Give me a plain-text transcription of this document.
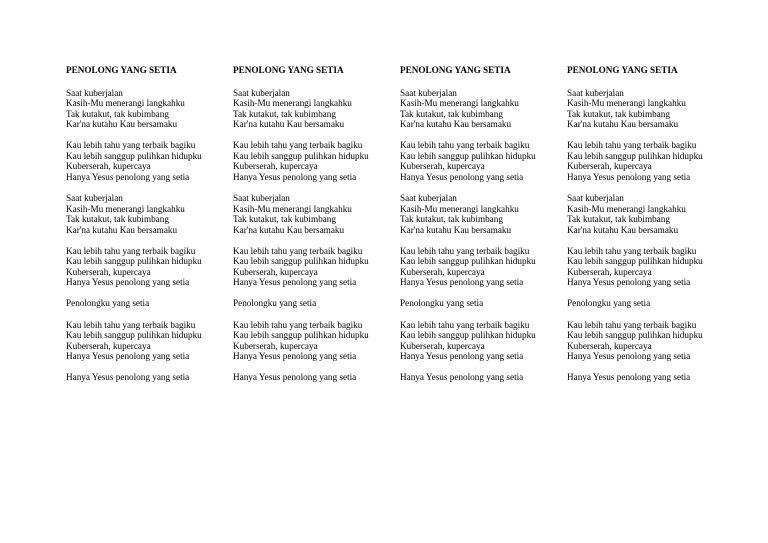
PENOLONG YANG SETIA
Saat kuberjalan
Kasih-Mu menerangi langkahku
Tak kutakut, tak kubimbang
Kar'na kutahu Kau bersamaku
Kau lebih tahu yang terbaik bagiku
Kau lebih sanggup pulihkan hidupku
Kuberserah, kupercaya
Hanya Yesus penolong yang setia
Saat kuberjalan
Kasih-Mu menerangi langkahku
Tak kutakut, tak kubimbang
Kar'na kutahu Kau bersamaku
Kau lebih tahu yang terbaik bagiku
Kau lebih sanggup pulihkan hidupku
Kuberserah, kupercaya
Hanya Yesus penolong yang setia
Penolongku yang setia
Kau lebih tahu yang terbaik bagiku
Kau lebih sanggup pulihkan hidupku
Kuberserah, kupercaya
Hanya Yesus penolong yang setia
Hanya Yesus penolong yang setia
PENOLONG YANG SETIA
Saat kuberjalan
Kasih-Mu menerangi langkahku
Tak kutakut, tak kubimbang
Kar'na kutahu Kau bersamaku
Kau lebih tahu yang terbaik bagiku
Kau lebih sanggup pulihkan hidupku
Kuberserah, kupercaya
Hanya Yesus penolong yang setia
Saat kuberjalan
Kasih-Mu menerangi langkahku
Tak kutakut, tak kubimbang
Kar'na kutahu Kau bersamaku
Kau lebih tahu yang terbaik bagiku
Kau lebih sanggup pulihkan hidupku
Kuberserah, kupercaya
Hanya Yesus penolong yang setia
Penolongku yang setia
Kau lebih tahu yang terbaik bagiku
Kau lebih sanggup pulihkan hidupku
Kuberserah, kupercaya
Hanya Yesus penolong yang setia
Hanya Yesus penolong yang setia
PENOLONG YANG SETIA
Saat kuberjalan
Kasih-Mu menerangi langkahku
Tak kutakut, tak kubimbang
Kar'na kutahu Kau bersamaku
Kau lebih tahu yang terbaik bagiku
Kau lebih sanggup pulihkan hidupku
Kuberserah, kupercaya
Hanya Yesus penolong yang setia
Saat kuberjalan
Kasih-Mu menerangi langkahku
Tak kutakut, tak kubimbang
Kar'na kutahu Kau bersamaku
Kau lebih tahu yang terbaik bagiku
Kau lebih sanggup pulihkan hidupku
Kuberserah, kupercaya
Hanya Yesus penolong yang setia
Penolongku yang setia
Kau lebih tahu yang terbaik bagiku
Kau lebih sanggup pulihkan hidupku
Kuberserah, kupercaya
Hanya Yesus penolong yang setia
Hanya Yesus penolong yang setia
PENOLONG YANG SETIA
Saat kuberjalan
Kasih-Mu menerangi langkahku
Tak kutakut, tak kubimbang
Kar'na kutahu Kau bersamaku
Kau lebih tahu yang terbaik bagiku
Kau lebih sanggup pulihkan hidupku
Kuberserah, kupercaya
Hanya Yesus penolong yang setia
Saat kuberjalan
Kasih-Mu menerangi langkahku
Tak kutakut, tak kubimbang
Kar'na kutahu Kau bersamaku
Kau lebih tahu yang terbaik bagiku
Kau lebih sanggup pulihkan hidupku
Kuberserah, kupercaya
Hanya Yesus penolong yang setia
Penolongku yang setia
Kau lebih tahu yang terbaik bagiku
Kau lebih sanggup pulihkan hidupku
Kuberserah, kupercaya
Hanya Yesus penolong yang setia
Hanya Yesus penolong yang setia
